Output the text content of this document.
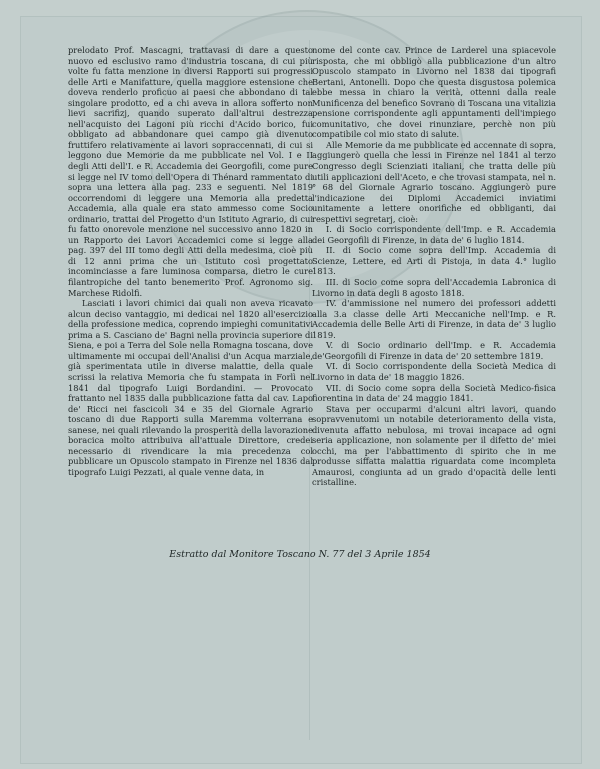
prelodato Prof. Mascagni, trattavasi di dare a questo nuovo ed esclusivo ramo d'industria toscana, di cui più volte fu fatta menzione in diversi Rapporti sui progressi delle Arti e Manifatture, quella maggiore estensione che doveva renderlo proficuo ai paesi che abbondano di tal singolare prodotto, ed a chi aveva in allora sofferto non lievi sacrifizj, quando superato dall'altrui destrezza nell'acquisto dei Lagoni più ricchi d'Acido borico, fui obbligato ad abbandonare quei campo già divenuto fruttifero relativamente ai lavori sopraccennati, di cui si leggono due Memorie da me pubblicate nel Vol. I e II degli Atti dell'I. e R. Accademia dei Georgofili, come pure si legge nel IV tomo dell'Opera di Thénard rammentato di sopra una lettera alla pag. 233 e seguenti. Nel 1819 occorrendomi di leggere una Memoria alla predetta Accademia, alla quale era stato ammesso come Socio ordinario, trattai del Progetto d'un Istituto Agrario, di cui fu fatto onorevole menzione nel successivo anno 1820 in un Rapporto dei Lavori Accademici come si legge alla pag. 397 del III tomo degli Atti della medesima, cioè più di 12 anni prima che un Istituto così progettato incominciasse a fare luminosa comparsa, dietro le cure filantropiche del tanto benemerito Prof. Agronomo sig. Marchese Ridolfi.

Lasciati i lavori chimici dai quali non aveva ricavato alcun deciso vantaggio, mi dedicai nel 1820 all'esercizio della professione medica, coprendo impieghi comunitativi prima a S. Casciano de' Bagni nella provincia superiore di Siena, e poi a Terra del Sole nella Romagna toscana, dove ultimamente mi occupai dell'Analisi d'un Acqua marziale, già sperimentata utile in diverse malattie, della quale scrissi la relativa Memoria che fu stampata in Forlì nel 1841 dal tipografo Luigi Bordandini. — Provocato frattanto nel 1835 dalla pubblicazione fatta dal cav. Lapo de' Ricci nei fascicoli 34 e 35 del Giornale Agrario toscano di due Rapporti sulla Maremma volterrana e sanese, nei quali rilevando la prosperità della lavorazione boracica molto attribuiva all'attuale Direttore, credei necessario di rivendicare la mia precedenza col pubblicare un Opuscolo stampato in Firenze nel 1836 dal tipografo Luigi Pezzati, al quale venne data, in

nome del conte cav. Prince de Larderel una spiacevole risposta, che mi obbligò alla pubblicazione d'un altro Opuscolo stampato in Livorno nel 1838 dai tipografi Bertani, Antonelli. Dopo che questa disgustosa polemica ebbe messa in chiaro la verità, ottenni dalla reale Munificenza del benefico Sovrano di Toscana una vitalizia pensione corrispondente agli appuntamenti dell'impiego comunitativo, che dovei rinunziare, perchè non più compatibile col mio stato di salute.

Alle Memorie da me pubblicate ed accennate di sopra, aggiungerò quella che lessi in Firenze nel 1841 al terzo Congresso degli Scienziati italiani, che tratta delle più utili applicazioni dell'Aceto, e che trovasi stampata, nel n.° 68 del Giornale Agrario toscano. Aggiungerò pure l'indicazione dei Diplomi Accademici inviatimi unitamente a lettere onorifiche ed obbliganti, dai respettivi segretarj, cioè:

I. di Socio corrispondente dell'Imp. e R. Accademia dei Georgofili di Firenze, in data de' 6 luglio 1814.

II. di Socio come sopra dell'Imp. Accademia di Scienze, Lettere, ed Arti di Pistoja, in data 4.° luglio 1813.

III. di Socio come sopra dell'Accademia Labronica di Livorno in data degli 8 agosto 1818.

IV. d'ammissione nel numero dei professori addetti alla 3.a classe delle Arti Meccaniche nell'Imp. e R. Accademia delle Belle Arti di Firenze, in data de' 3 luglio 1819.

V. di Socio ordinario dell'Imp. e R. Accademia de'Georgofili di Firenze in data de' 20 settembre 1819.

VI. di Socio corrispondente della Società Medica di Livorno in data de' 18 maggio 1826.

VII. di Socio come sopra della Società Medico-fisica fiorentina in data de' 24 maggio 1841.

Stava per occuparmi d'alcuni altri lavori, quando sopravvenutomi un notabile deterioramento della vista, divenuta affatto nebulosa, mi trovai incapace ad ogni seria applicazione, non solamente per il difetto de' miei occhi, ma per l'abbattimento di spirito che in me produsse siffatta malattia riguardata come incompleta Amaurosi, congiunta ad un grado d'opacità delle lenti cristalline.

Estratto dal Monitore Toscano N. 77 del 3 Aprile 1854
